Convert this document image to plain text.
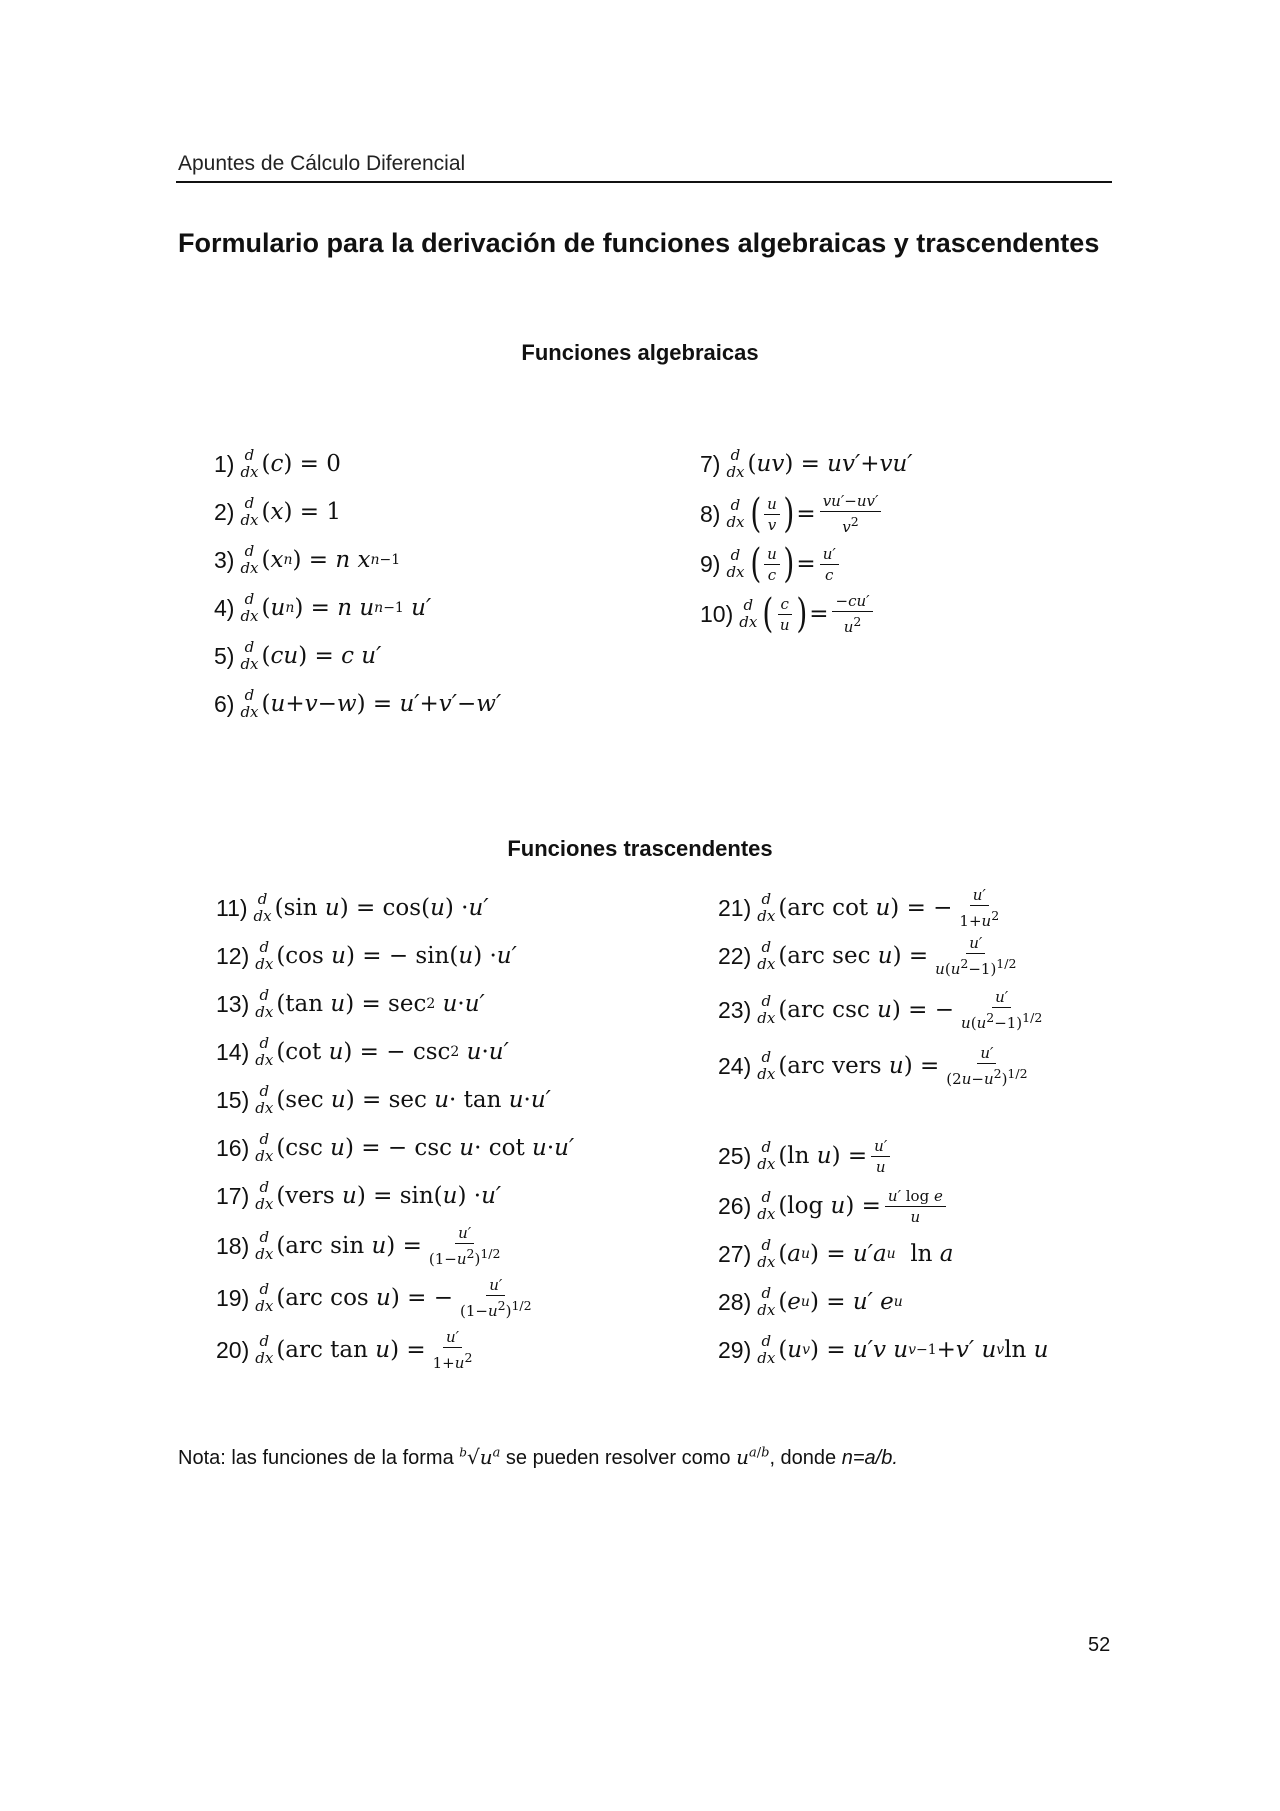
Apuntes de Cálculo Diferencial
Formulario para la derivación de funciones algebraicas y trascendentes
Funciones algebraicas
1) d
dx ( c ) = 0
2) d
dx ( x ) = 1
3) d
dx ( x n ) = n x n−1
4) d
dx ( u n ) = n u n−1
u′
5) d
dx ( cu ) = c u′
6) d
dx ( u + v − w ) = u′ + v′ − w′
7) d
dx ( uv ) = uv′ + vu′
8) d
dx ( $\frac{u}{v}$ ) = $\frac{vu'-uv'}{v^2}$
9) d
dx ( $\frac{u}{c}$ ) = $\frac{u'}{c}$
10) d
dx ( $\frac{c}{u}$ ) = $\frac{-cu'}{u^2}$
Funciones trascendentes
11) d
dx (sin u ) = cos( u ) · u′
12) d
dx (cos u ) = − sin( u ) · u′
13) d
dx (tan u ) = sec 2
u · u′
14) d
dx (cot u ) = − csc 2
u · u′
15) d
dx (sec u ) = sec u · tan u · u′
16) d
dx (csc u ) = − csc u · cot u · u′
17) d
dx (vers u ) = sin( u ) · u′
18) d
dx (arc sin u ) = $\frac{u'}{(1-u^2)^{1/2}}$
19) d
dx (arc cos u ) = − $\frac{u'}{(1-u^2)^{1/2}}$
20) d
dx (arc tan u ) = $\frac{u'}{1+u^2}$
21) d
dx (arc cot u ) = − $\frac{u'}{1+u^2}$
22) d
dx (arc sec u ) = $\frac{u'}{u(u^2-1)^{1/2}}$
23) d
dx (arc csc u ) = − $\frac{u'}{u(u^2-1)^{1/2}}$
24) d
dx (arc vers u ) = $\frac{u'}{(2u-u^2)^{1/2}}$
25) d
dx (ln u ) = $\frac{u'}{u}$
26) d
dx (log u ) = $\frac{\text{u′ log e}}{u}$
27) d
dx ( a u ) = u′a u ln a
28) d
dx ( e u ) = u′ e u
29) d
dx ( u v ) = u′v u v−1 + v′ u v ln u
Nota: las funciones de la forma $^b√u^a$ se pueden resolver como $u^{a/b}$, donde n=a/b.
52
